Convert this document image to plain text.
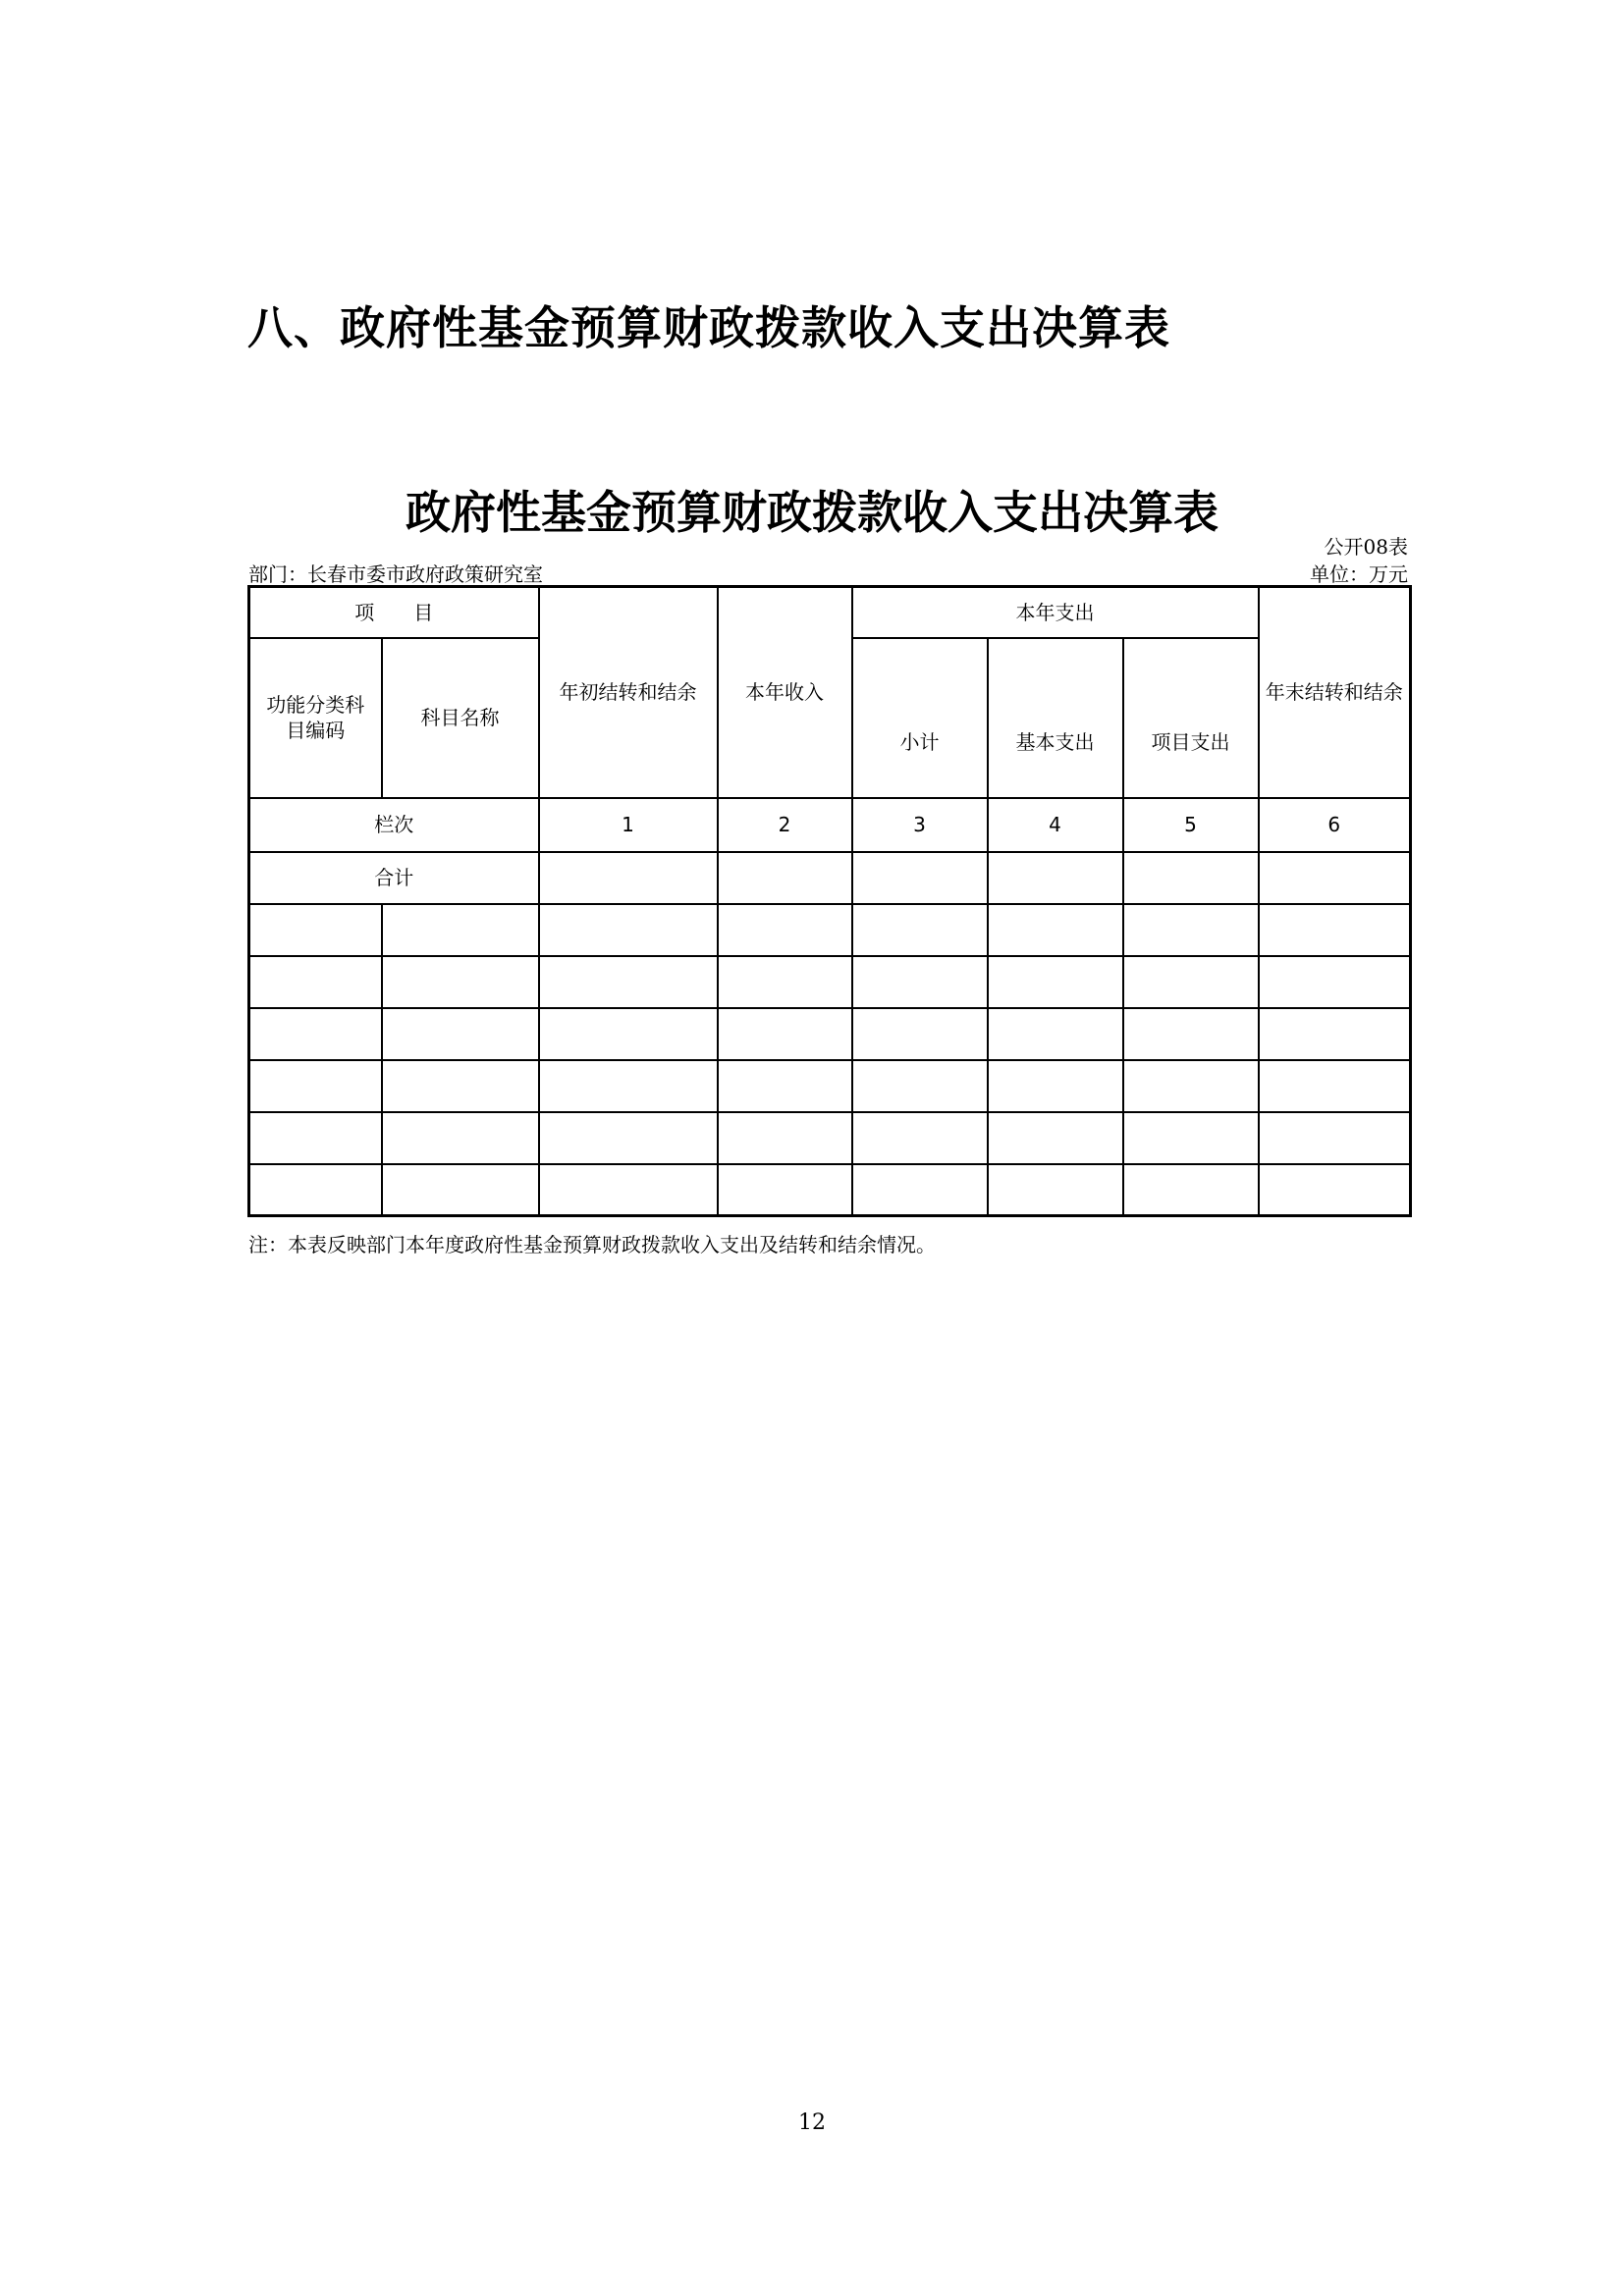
八、政府性基金预算财政拨款收入支出决算表
政府性基金预算财政拨款收入支出决算表
公开08表
部门：长春市委市政府政策研究室	单位：万元
项　　目		年初结转和结余	本年收入	本年支出			年末结转和结余
功能分类科目编码	科目名称			小计	基本支出	项目支出	
栏次		1	2	3	4	5	6
合计							

注：本表反映部门本年度政府性基金预算财政拨款收入支出及结转和结余情况。
12
